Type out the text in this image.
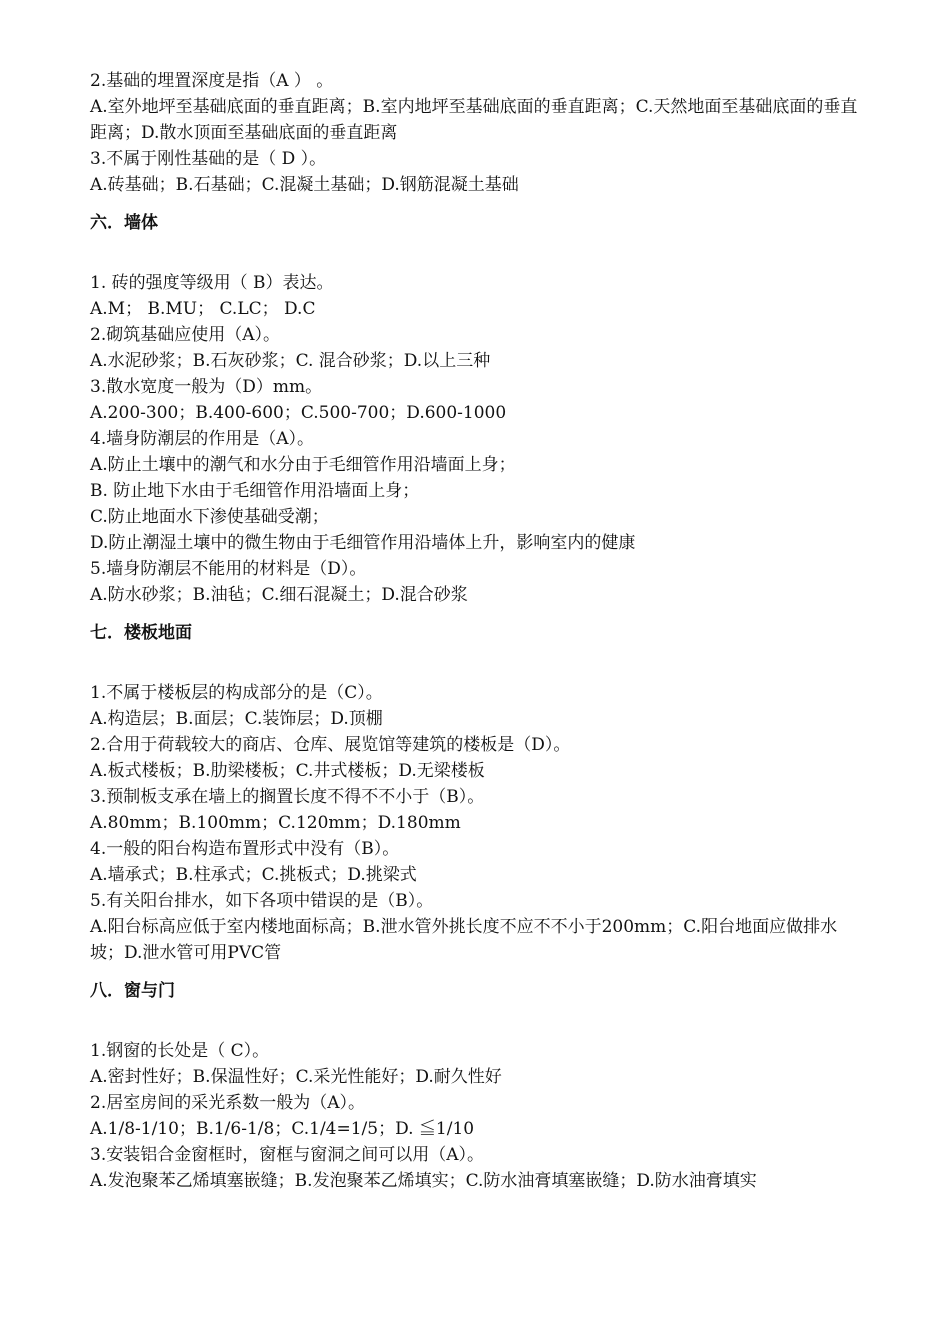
2.基础的埋置深度是指（A ） 。

A.室外地坪至基础底面的垂直距离；B.室内地坪至基础底面的垂直距离；C.天然地面至基础底面的垂直距离；D.散水顶面至基础底面的垂直距离

3.不属于刚性基础的是（ D ）。

A.砖基础；B.石基础；C.混凝土基础；D.钢筋混凝土基础

六．墙体

1. 砖的强度等级用（ B）表达。

A.M； B.MU； C.LC； D.C

2.砌筑基础应使用（A）。

A.水泥砂浆；B.石灰砂浆；C. 混合砂浆；D.以上三种

3.散水宽度一般为（D）mm。

A.200-300；B.400-600；C.500-700；D.600-1000

4.墙身防潮层的作用是（A）。

A.防止土壤中的潮气和水分由于毛细管作用沿墙面上身；

B. 防止地下水由于毛细管作用沿墙面上身；

C.防止地面水下渗使基础受潮；

D.防止潮湿土壤中的微生物由于毛细管作用沿墙体上升，影响室内的健康

5.墙身防潮层不能用的材料是（D）。

A.防水砂浆；B.油毡；C.细石混凝土；D.混合砂浆

七．楼板地面

1.不属于楼板层的构成部分的是（C）。

A.构造层；B.面层；C.装饰层；D.顶棚

2.合用于荷载较大的商店、仓库、展览馆等建筑的楼板是（D）。

A.板式楼板；B.肋梁楼板；C.井式楼板；D.无梁楼板

3.预制板支承在墙上的搁置长度不得不不小于（B）。

A.80mm；B.100mm；C.120mm；D.180mm

4.一般的阳台构造布置形式中没有（B）。

A.墙承式；B.柱承式；C.挑板式；D.挑梁式

5.有关阳台排水，如下各项中错误的是（B）。

A.阳台标高应低于室内楼地面标高；B.泄水管外挑长度不应不不小于200mm；C.阳台地面应做排水坡；D.泄水管可用PVC管

八．窗与门

1.钢窗的长处是（ C）。

A.密封性好；B.保温性好；C.采光性能好；D.耐久性好

2.居室房间的采光系数一般为（A）。

A.1/8-1/10；B.1/6-1/8；C.1/4=1/5；D. ≦1/10

3.安装铝合金窗框时，窗框与窗洞之间可以用（A）。

A.发泡聚苯乙烯填塞嵌缝；B.发泡聚苯乙烯填实；C.防水油膏填塞嵌缝；D.防水油膏填实
